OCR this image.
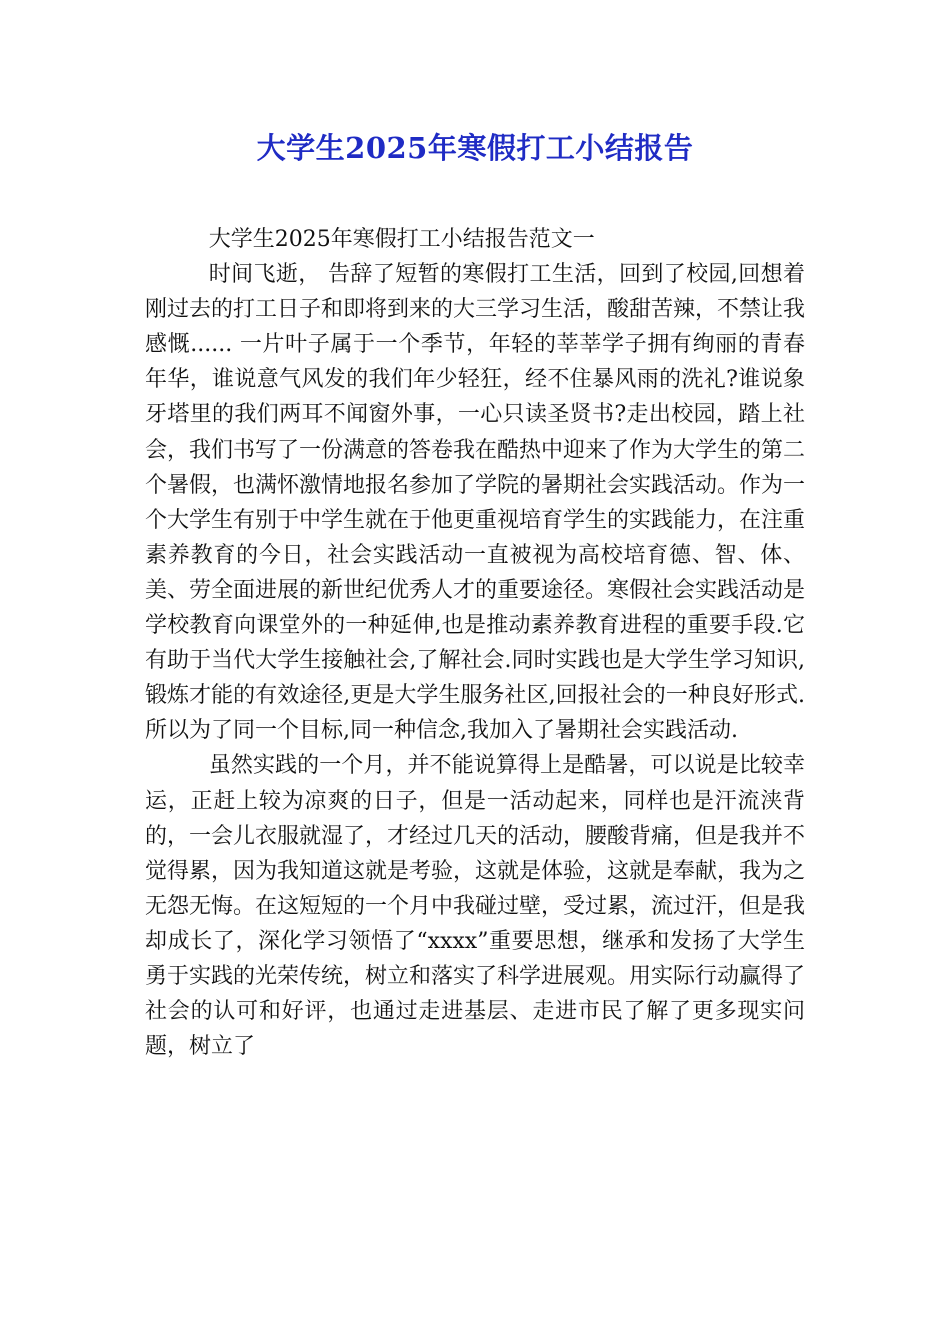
大学生2025年寒假打工小结报告

大学生2025年寒假打工小结报告范文一

时间飞逝， 告辞了短暂的寒假打工生活，回到了校园,回想着刚过去的打工日子和即将到来的大三学习生活，酸甜苦辣，不禁让我感慨...... 一片叶子属于一个季节，年轻的莘莘学子拥有绚丽的青春年华，谁说意气风发的我们年少轻狂，经不住暴风雨的洗礼?谁说象牙塔里的我们两耳不闻窗外事，一心只读圣贤书?走出校园，踏上社会，我们书写了一份满意的答卷我在酷热中迎来了作为大学生的第二个暑假，也满怀激情地报名参加了学院的暑期社会实践活动。作为一个大学生有别于中学生就在于他更重视培育学生的实践能力，在注重素养教育的今日，社会实践活动一直被视为高校培育德、智、体、美、劳全面进展的新世纪优秀人才的重要途径。寒假社会实践活动是学校教育向课堂外的一种延伸,也是推动素养教育进程的重要手段.它有助于当代大学生接触社会,了解社会.同时实践也是大学生学习知识,锻炼才能的有效途径,更是大学生服务社区,回报社会的一种良好形式. 所以为了同一个目标,同一种信念,我加入了暑期社会实践活动.

虽然实践的一个月，并不能说算得上是酷暑，可以说是比较幸运，正赶上较为凉爽的日子，但是一活动起来，同样也是汗流浃背的，一会儿衣服就湿了，才经过几天的活动，腰酸背痛，但是我并不觉得累，因为我知道这就是考验，这就是体验，这就是奉献，我为之无怨无悔。在这短短的一个月中我碰过壁，受过累，流过汗，但是我却成长了，深化学习领悟了“xxxx”重要思想，继承和发扬了大学生勇于实践的光荣传统，树立和落实了科学进展观。用实际行动赢得了社会的认可和好评，也通过走进基层、走进市民了解了更多现实问题，树立了
